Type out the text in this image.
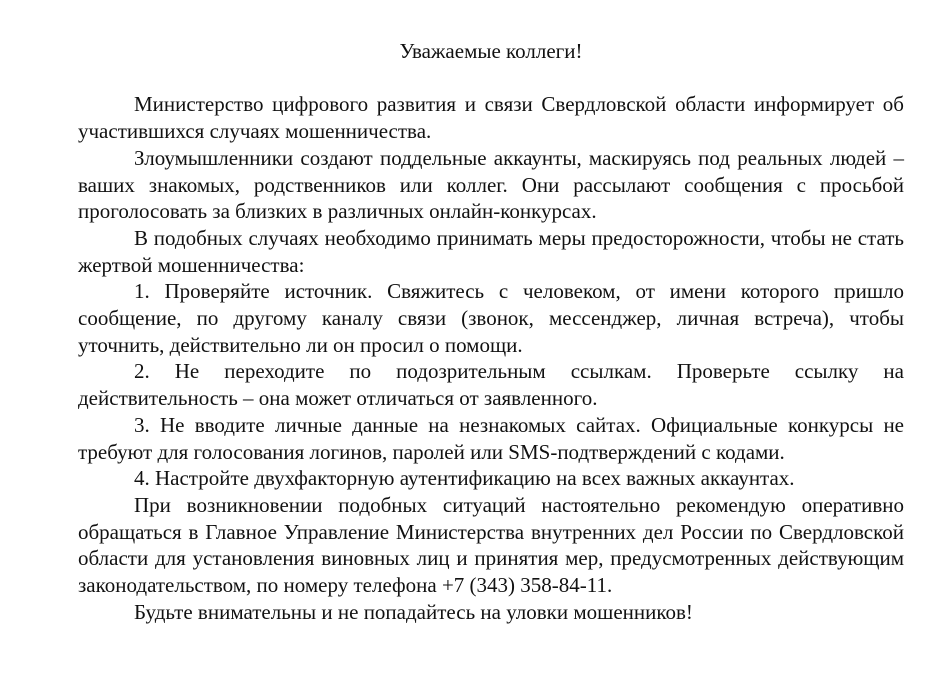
Уважаемые коллеги!

Министерство цифрового развития и связи Свердловской области информирует об участившихся случаях мошенничества.

Злоумышленники создают поддельные аккаунты, маскируясь под реальных людей – ваших знакомых, родственников или коллег. Они рассылают сообщения с просьбой проголосовать за близких в различных онлайн-конкурсах.

В подобных случаях необходимо принимать меры предосторожности, чтобы не стать жертвой мошенничества:

1. Проверяйте источник. Свяжитесь с человеком, от имени которого пришло сообщение, по другому каналу связи (звонок, мессенджер, личная встреча), чтобы уточнить, действительно ли он просил о помощи.

2. Не переходите по подозрительным ссылкам. Проверьте ссылку на действительность – она может отличаться от заявленного.

3. Не вводите личные данные на незнакомых сайтах. Официальные конкурсы не требуют для голосования логинов, паролей или SMS-подтверждений с кодами.

4. Настройте двухфакторную аутентификацию на всех важных аккаунтах.

При возникновении подобных ситуаций настоятельно рекомендую оперативно обращаться в Главное Управление Министерства внутренних дел России по Свердловской области для установления виновных лиц и принятия мер, предусмотренных действующим законодательством, по номеру телефона +7 (343) 358-84-11.

Будьте внимательны и не попадайтесь на уловки мошенников!
